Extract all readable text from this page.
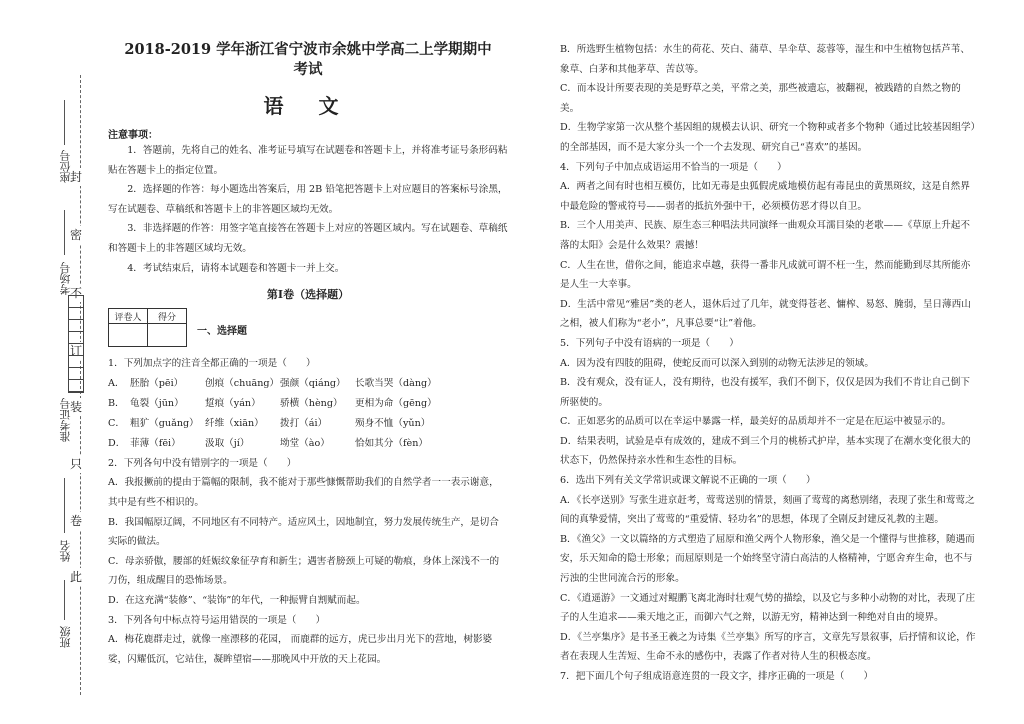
封
密
不
订
装
只
卷
此
座位号
考场号
准考证号
姓名
班级
2018-2019 学年浙江省宁波市余姚中学高二上学期期中
考试
语 文
注意事项：

1．答题前，先将自己的姓名、准考证号填写在试题卷和答题卡上，并将准考证号条形码粘贴在答题卡上的指定位置。

2．选择题的作答：每小题选出答案后，用 2B 铅笔把答题卡上对应题目的答案标号涂黑，写在试题卷、草稿纸和答题卡上的非答题区域均无效。

3．非选择题的作答：用签字笔直接答在答题卡上对应的答题区域内。写在试题卷、草稿纸和答题卡上的非答题区域均无效。

4．考试结束后，请将本试题卷和答题卡一并上交。

第Ⅰ卷（选择题）
评卷人	得分

一、选择题

1．下列加点字的注音全都正确的一项是（　　）

A． 胚胎（pēi）	创痕（chuāng） 强颜（qiáng） 长歌当哭（dàng）
B． 龟裂（jūn）	踅痕（yán）	骄横（hèng）	更相为命（gēng）
C． 粗犷（guǎng） 纤维（xiān）	拨打（ái）	殒身不恤（yǔn）
D． 菲薄（fēi）	汲取（jí）	坳堂（ào）	恰如其分（fèn）

2．下列各句中没有错别字的一项是（　　）

A．我报撅前的提由于篇幅的限制，我不能对于那些慷慨帮助我们的自然学者一一表示谢意，其中是有些不相识的。

B．我国幅原辽阔，不同地区有不同特产。适应风土，因地制宜，努力发展传统生产，是切合实际的做法。

C．母亲骄傲，腰部的妊娠纹象征孕育和新生；遇害者膀颈上可疑的勒痕，身体上深浅不一的刀伤，组成醒目的恐怖场景。

D．在这充满“装修”、“装饰”的年代，一种振臂自割赋而起。

3．下列各句中标点符号运用错误的一项是（　　）

A．梅花鹿群走过，就像一座漂移的花园， 而鹿群的远方，虎已步出月光下的营地，树影婆娑，闪耀低沉，它站住，凝眸望宿——那晚风中开放的天上花园。

B．所选野生植物包括：水生的荷花、芡白、蒲草、旱伞草、蕊蓉等，湿生和中生植物包括芦苇、象草、白茅和其他茅草、苦苡等。

C．而本设计所要表现的美是野草之美，平常之美，那些被遗忘，被翻视，被践踏的自然之物的美。

D．生物学家第一次从整个基因组的规模去认识、研究一个物种或者多个物种（通过比较基因组学）的全部基因，而不是大家分头一个一个去发现、研究自己“喜欢”的基因。

4．下列句子中加点成语运用不恰当的一项是（　　）

A．两者之间有时也相互模仿，比如无毒是虫狐假虎威地模仿起有毒昆虫的黄黑斑纹，这是自然界中最危险的警戒符号——弱者的抵抗外强中干，必须模仿恶才得以自卫。

B．三个人用美声、民族、原生态三种唱法共同演绎一曲观众耳濡目染的老歌——《草原上升起不落的太阳》会是什么效果？震撼！

C．人生在世，借你之间，能追求卓越，获得一番非凡成就可谓不枉一生，然而能勤到尽其所能亦是人生一大幸事。

D．生活中常见“雅居”类的老人，退休后过了几年，就变得苍老、慵榨、易怒、腌弱，呈日薄西山之相，被人们称为“老小”，凡事总要“让”着他。

5．下列句子中没有语病的一项是（　　）

A．因为没有四肢的阻碍，使蛇反而可以深入到别的动物无法涉足的领域。

B．没有观众，没有证人，没有期待，也没有援军，我们不倒下，仅仅是因为我们不肯让自己倒下所驱使的。

C．正如恶劣的品质可以在幸运中暴露一样，最美好的品质却并不一定是在厄运中被显示的。

D．结果表明，试验是卓有成效的，建成不到三个月的桃桥式护岸，基本实现了在潮水变化很大的状态下，仍然保持亲水性和生态性的目标。

6．选出下列有关文学常识或课文解说不正确的一项（　　）

A．《长亭送别》写张生进京赶考，莺莺送别的情景，刻画了莺莺的离愁别绪，表现了张生和莺莺之间的真挚爱情，突出了莺莺的“重爱情、轻功名”的思想，体现了全剧反封建反礼教的主题。

B．《渔父》一文以篇络的方式塑造了屈原和渔父两个人物形象，渔父是一个懂得与世推移，随遇而安，乐天知命的隐士形象；而屈原则是一个始终坚守清白高洁的人格精神，宁愿舍弃生命，也不与污浊的尘世同流合污的形象。

C．《逍遥游》一文通过对鲲鹏飞离北海时壮观气势的描绘，以及它与多种小动物的对比，表现了庄子的人生追求——乘天地之正，而御六气之辩，以游无穷，精神达到一种绝对自由的境界。

D．《兰亭集序》是书圣王羲之为诗集《兰亭集》所写的序言，文章先写景叙事，后抒情和议论，作者在表现人生苦短、生命不永的感伤中，表露了作者对待人生的积极态度。

7．把下面几个句子组成语意连贯的一段文字，排序正确的一项是（　　）
